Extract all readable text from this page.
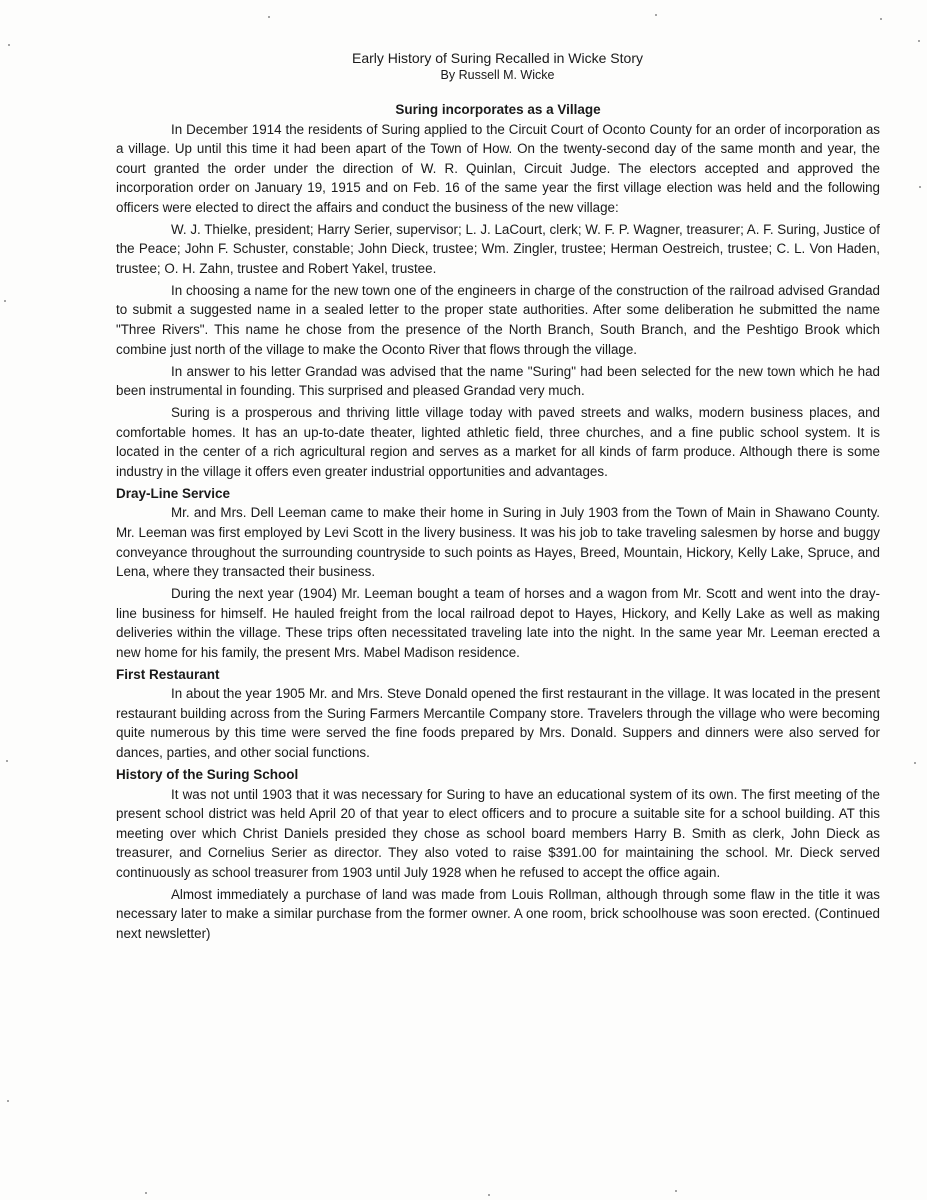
Early History of Suring Recalled in Wicke Story
By Russell M. Wicke
Suring incorporates as a Village

In December 1914 the residents of Suring applied to the Circuit Court of Oconto County for an order of incorporation as a village. Up until this time it had been apart of the Town of How. On the twenty-second day of the same month and year, the court granted the order under the direction of W. R. Quinlan, Circuit Judge. The electors accepted and approved the incorporation order on January 19, 1915 and on Feb. 16 of the same year the first village election was held and the following officers were elected to direct the affairs and conduct the business of the new village:

W. J. Thielke, president; Harry Serier, supervisor; L. J. LaCourt, clerk; W. F. P. Wagner, treasurer; A. F. Suring, Justice of the Peace; John F. Schuster, constable; John Dieck, trustee; Wm. Zingler, trustee; Herman Oestreich, trustee; C. L. Von Haden, trustee; O. H. Zahn, trustee and Robert Yakel, trustee.

In choosing a name for the new town one of the engineers in charge of the construction of the railroad advised Grandad to submit a suggested name in a sealed letter to the proper state authorities. After some deliberation he submitted the name "Three Rivers". This name he chose from the presence of the North Branch, South Branch, and the Peshtigo Brook which combine just north of the village to make the Oconto River that flows through the village.

In answer to his letter Grandad was advised that the name "Suring" had been selected for the new town which he had been instrumental in founding. This surprised and pleased Grandad very much.

Suring is a prosperous and thriving little village today with paved streets and walks, modern business places, and comfortable homes. It has an up-to-date theater, lighted athletic field, three churches, and a fine public school system. It is located in the center of a rich agricultural region and serves as a market for all kinds of farm produce. Although there is some industry in the village it offers even greater industrial opportunities and advantages.

Dray-Line Service

Mr. and Mrs. Dell Leeman came to make their home in Suring in July 1903 from the Town of Main in Shawano County. Mr. Leeman was first employed by Levi Scott in the livery business. It was his job to take traveling salesmen by horse and buggy conveyance throughout the surrounding countryside to such points as Hayes, Breed, Mountain, Hickory, Kelly Lake, Spruce, and Lena, where they transacted their business.

During the next year (1904) Mr. Leeman bought a team of horses and a wagon from Mr. Scott and went into the dray-line business for himself. He hauled freight from the local railroad depot to Hayes, Hickory, and Kelly Lake as well as making deliveries within the village. These trips often necessitated traveling late into the night. In the same year Mr. Leeman erected a new home for his family, the present Mrs. Mabel Madison residence.

First Restaurant

In about the year 1905 Mr. and Mrs. Steve Donald opened the first restaurant in the village. It was located in the present restaurant building across from the Suring Farmers Mercantile Company store. Travelers through the village who were becoming quite numerous by this time were served the fine foods prepared by Mrs. Donald. Suppers and dinners were also served for dances, parties, and other social functions.

History of the Suring School

It was not until 1903 that it was necessary for Suring to have an educational system of its own. The first meeting of the present school district was held April 20 of that year to elect officers and to procure a suitable site for a school building. AT this meeting over which Christ Daniels presided they chose as school board members Harry B. Smith as clerk, John Dieck as treasurer, and Cornelius Serier as director. They also voted to raise $391.00 for maintaining the school. Mr. Dieck served continuously as school treasurer from 1903 until July 1928 when he refused to accept the office again.

Almost immediately a purchase of land was made from Louis Rollman, although through some flaw in the title it was necessary later to make a similar purchase from the former owner. A one room, brick schoolhouse was soon erected. (Continued next newsletter)
